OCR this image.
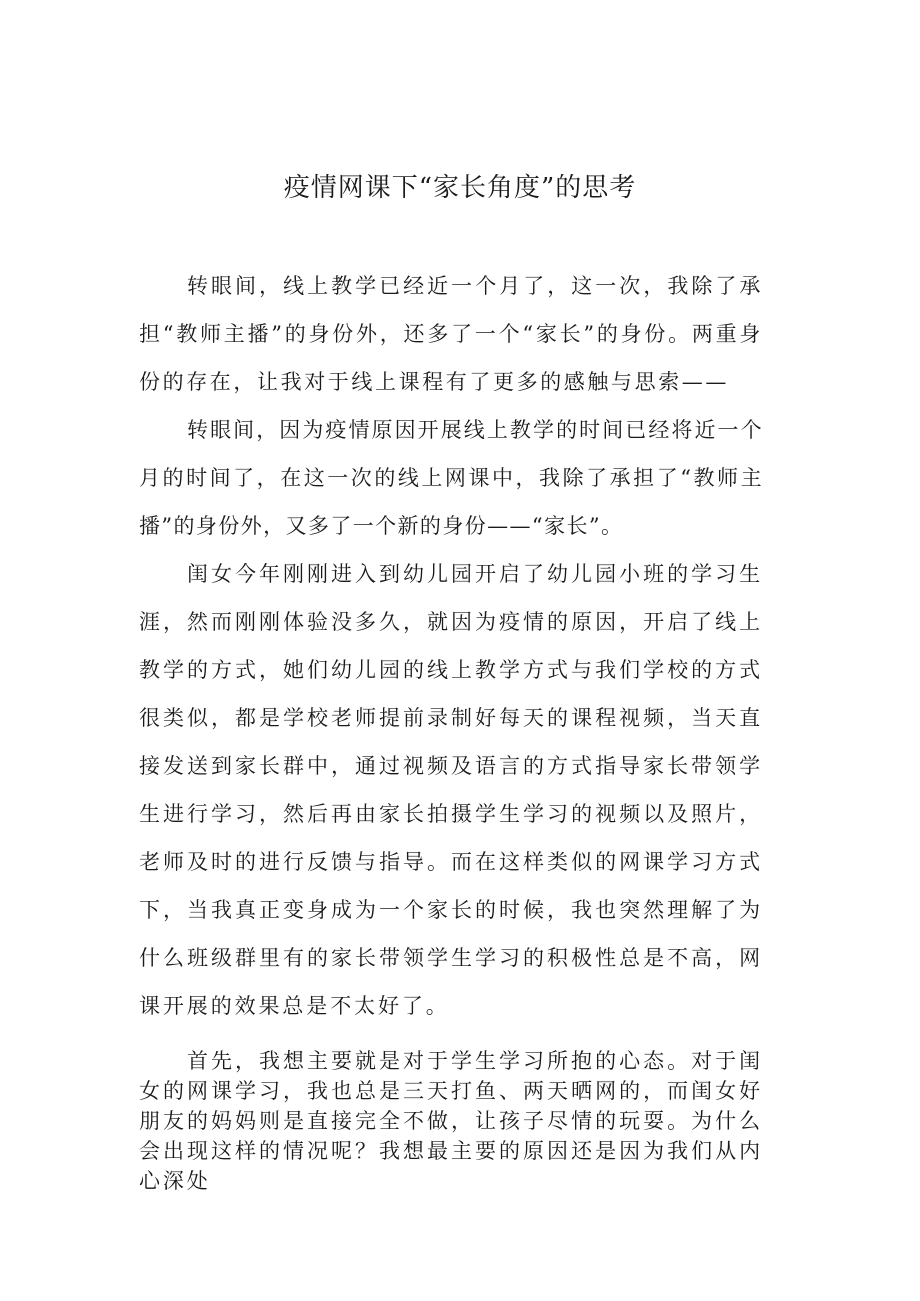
疫情网课下“家长角度”的思考

转眼间，线上教学已经近一个月了，这一次，我除了承担“教师主播”的身份外，还多了一个“家长”的身份。两重身份的存在，让我对于线上课程有了更多的感触与思索——

转眼间，因为疫情原因开展线上教学的时间已经将近一个月的时间了，在这一次的线上网课中，我除了承担了“教师主播”的身份外，又多了一个新的身份——“家长”。

闺女今年刚刚进入到幼儿园开启了幼儿园小班的学习生涯，然而刚刚体验没多久，就因为疫情的原因，开启了线上教学的方式，她们幼儿园的线上教学方式与我们学校的方式很类似，都是学校老师提前录制好每天的课程视频，当天直接发送到家长群中，通过视频及语言的方式指导家长带领学生进行学习，然后再由家长拍摄学生学习的视频以及照片，老师及时的进行反馈与指导。而在这样类似的网课学习方式下，当我真正变身成为一个家长的时候，我也突然理解了为什么班级群里有的家长带领学生学习的积极性总是不高，网课开展的效果总是不太好了。

首先，我想主要就是对于学生学习所抱的心态。对于闺女的网课学习，我也总是三天打鱼、两天晒网的，而闺女好朋友的妈妈则是直接完全不做，让孩子尽情的玩耍。为什么会出现这样的情况呢？我想最主要的原因还是因为我们从内心深处
